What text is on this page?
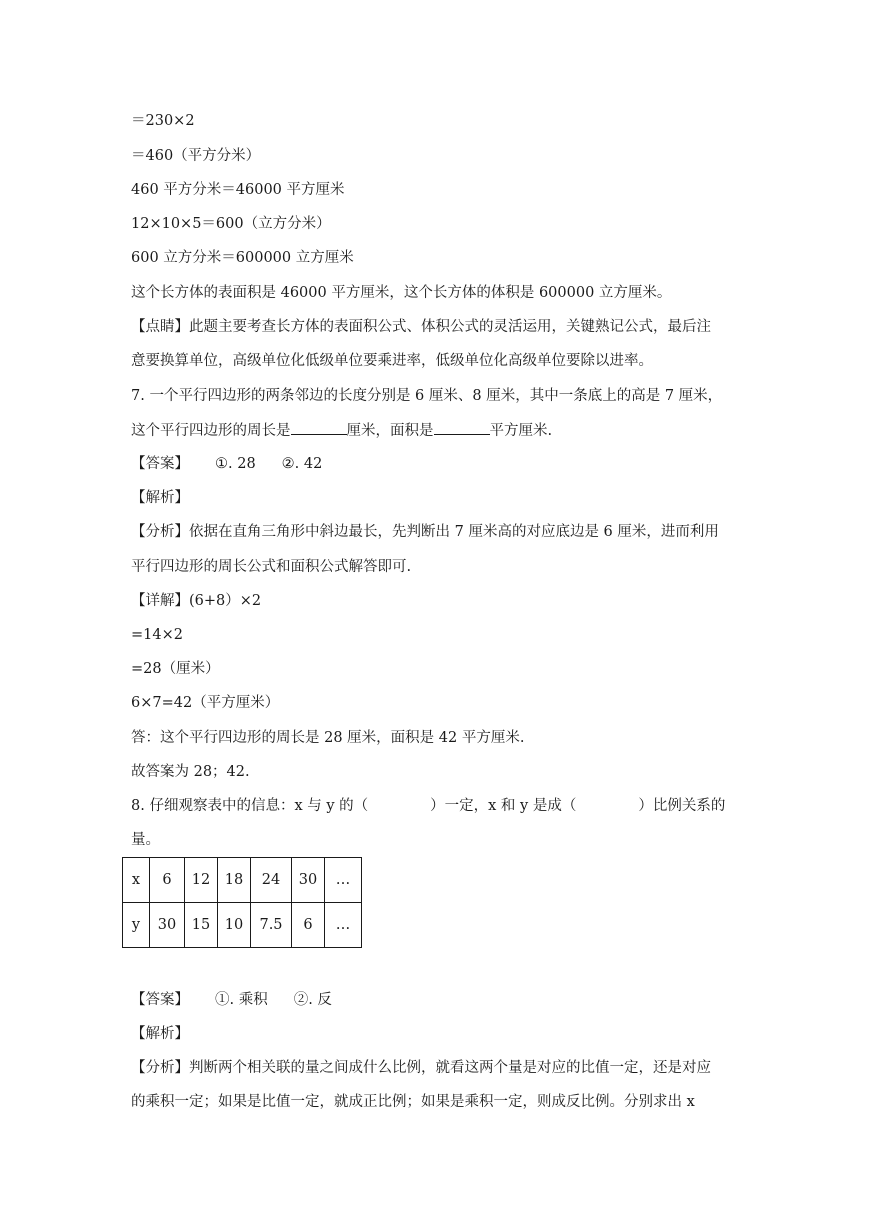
＝230×2
＝460（平方分米）
460 平方分米＝46000 平方厘米
12×10×5＝600（立方分米）
600 立方分米＝600000 立方厘米
这个长方体的表面积是 46000 平方厘米，这个长方体的体积是 600000 立方厘米。
【点睛】此题主要考查长方体的表面积公式、体积公式的灵活运用，关键熟记公式，最后注
意要换算单位，高级单位化低级单位要乘进率，低级单位化高级单位要除以进率。
7. 一个平行四边形的两条邻边的长度分别是 6 厘米、8 厘米，其中一条底上的高是 7 厘米，
这个平行四边形的周长是	厘米，面积是	平方厘米.
【答案】 ①. 28 ②. 42
【解析】
【分析】依据在直角三角形中斜边最长，先判断出 7 厘米高的对应底边是 6 厘米，进而利用
平行四边形的周长公式和面积公式解答即可.
【详解】(6+8）×2
=14×2
=28（厘米）
6×7=42（平方厘米）
答：这个平行四边形的周长是 28 厘米，面积是 42 平方厘米.
故答案为 28；42.
8. 仔细观察表中的信息：x 与 y 的（	）一定，x 和 y 是成（	）比例关系的
量。
x	6	12	18	24	30	…
y	30	15	10	7.5	6	…
【答案】 ①. 乘积 ②. 反
【解析】
【分析】判断两个相关联的量之间成什么比例，就看这两个量是对应的比值一定，还是对应
的乘积一定；如果是比值一定，就成正比例；如果是乘积一定，则成反比例。分别求出 x
